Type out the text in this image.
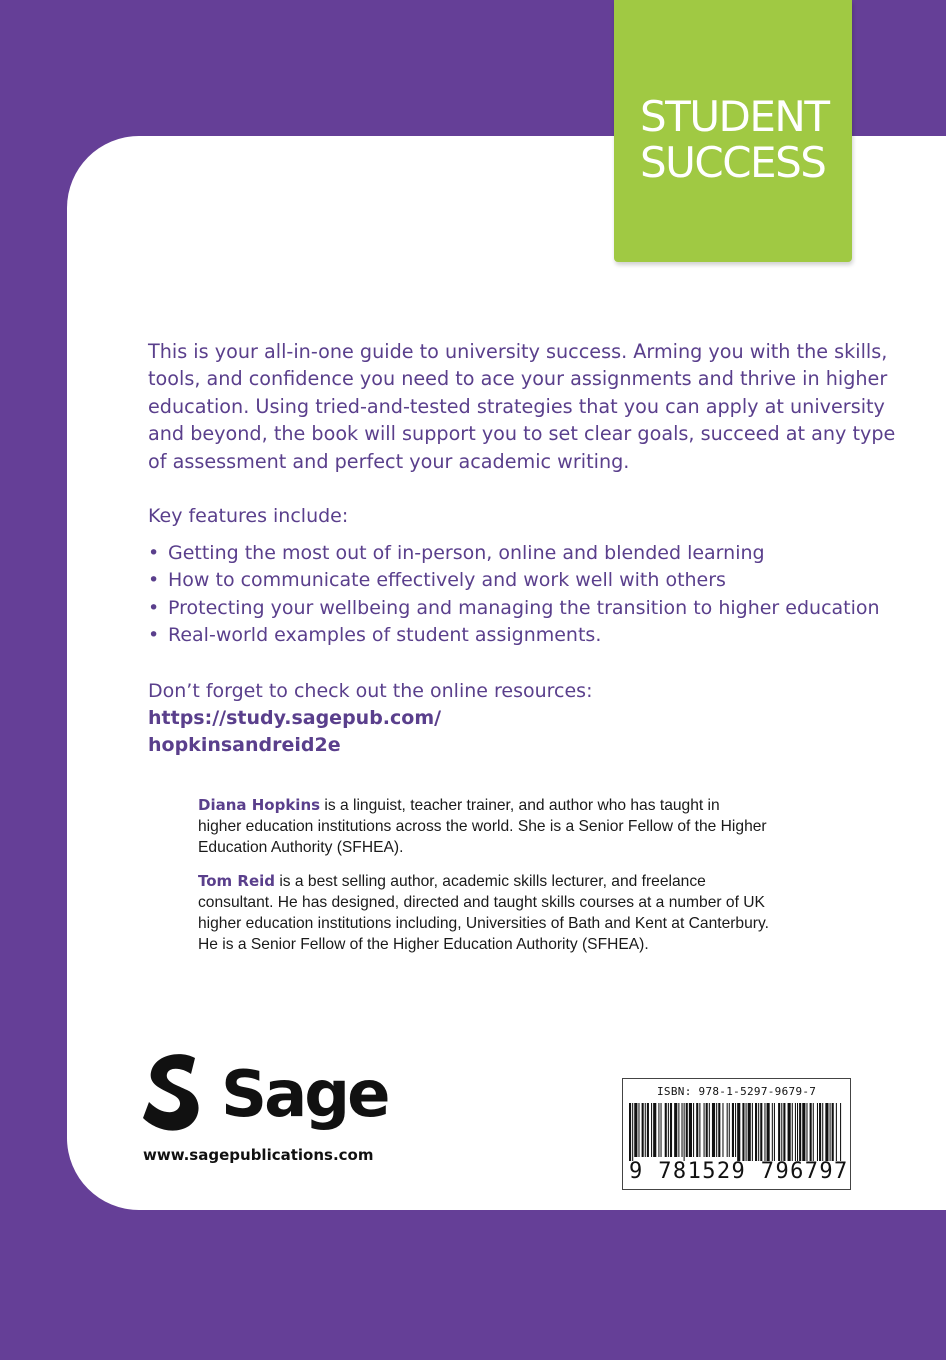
STUDENT
SUCCESS

This is your all-in-one guide to university success. Arming you with the skills,
tools, and confidence you need to ace your assignments and thrive in higher
education. Using tried-and-tested strategies that you can apply at university
and beyond, the book will support you to set clear goals, succeed at any type
of assessment and perfect your academic writing.

Key features include:

• Getting the most out of in-person, online and blended learning
• How to communicate effectively and work well with others
• Protecting your wellbeing and managing the transition to higher education
• Real-world examples of student assignments.

Don’t forget to check out the online resources: https://study.sagepub.com/
hopkinsandreid2e

Diana Hopkins is a linguist, teacher trainer, and author who has taught in
higher education institutions across the world. She is a Senior Fellow of the Higher
Education Authority (SFHEA).

Tom Reid is a best selling author, academic skills lecturer, and freelance
consultant. He has designed, directed and taught skills courses at a number of UK
higher education institutions including, Universities of Bath and Kent at Canterbury.
He is a Senior Fellow of the Higher Education Authority (SFHEA).

Sage
www.sagepublications.com
ISBN: 978-1-5297-9679-7
9 781529 796797
